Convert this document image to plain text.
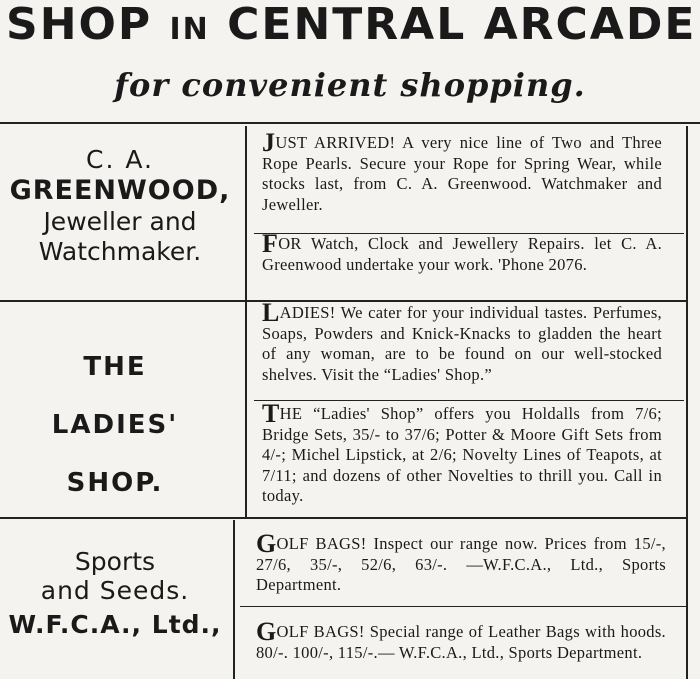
SHOP IN CENTRAL ARCADE
for convenient shopping.
C. A.
GREENWOOD,
Jeweller and
Watchmaker.
JUST ARRIVED! A very nice line of Two and Three Rope Pearls. Secure your Rope for Spring Wear, while stocks last, from C. A. Greenwood. Watchmaker and Jeweller.
FOR Watch, Clock and Jewellery Repairs. let C. A. Greenwood undertake your work. 'Phone 2076.
THE
LADIES'
SHOP.
LADIES! We cater for your individual tastes. Perfumes, Soaps, Powders and Knick-Knacks to gladden the heart of any woman, are to be found on our well-stocked shelves. Visit the “Ladies' Shop.”
THE “Ladies' Shop” offers you Holdalls from 7/6; Bridge Sets, 35/- to 37/6; Potter & Moore Gift Sets from 4/-; Michel Lipstick, at 2/6; Novelty Lines of Teapots, at 7/11; and dozens of other Novelties to thrill you. Call in today.
Sports
and Seeds.
W.F.C.A., Ltd.,
GOLF BAGS! Inspect our range now. Prices from 15/-, 27/6, 35/-, 52/6, 63/-. —W.F.C.A., Ltd., Sports Department.
GOLF BAGS! Special range of Leather Bags with hoods. 80/-. 100/-, 115/-.— W.F.C.A., Ltd., Sports Department.
